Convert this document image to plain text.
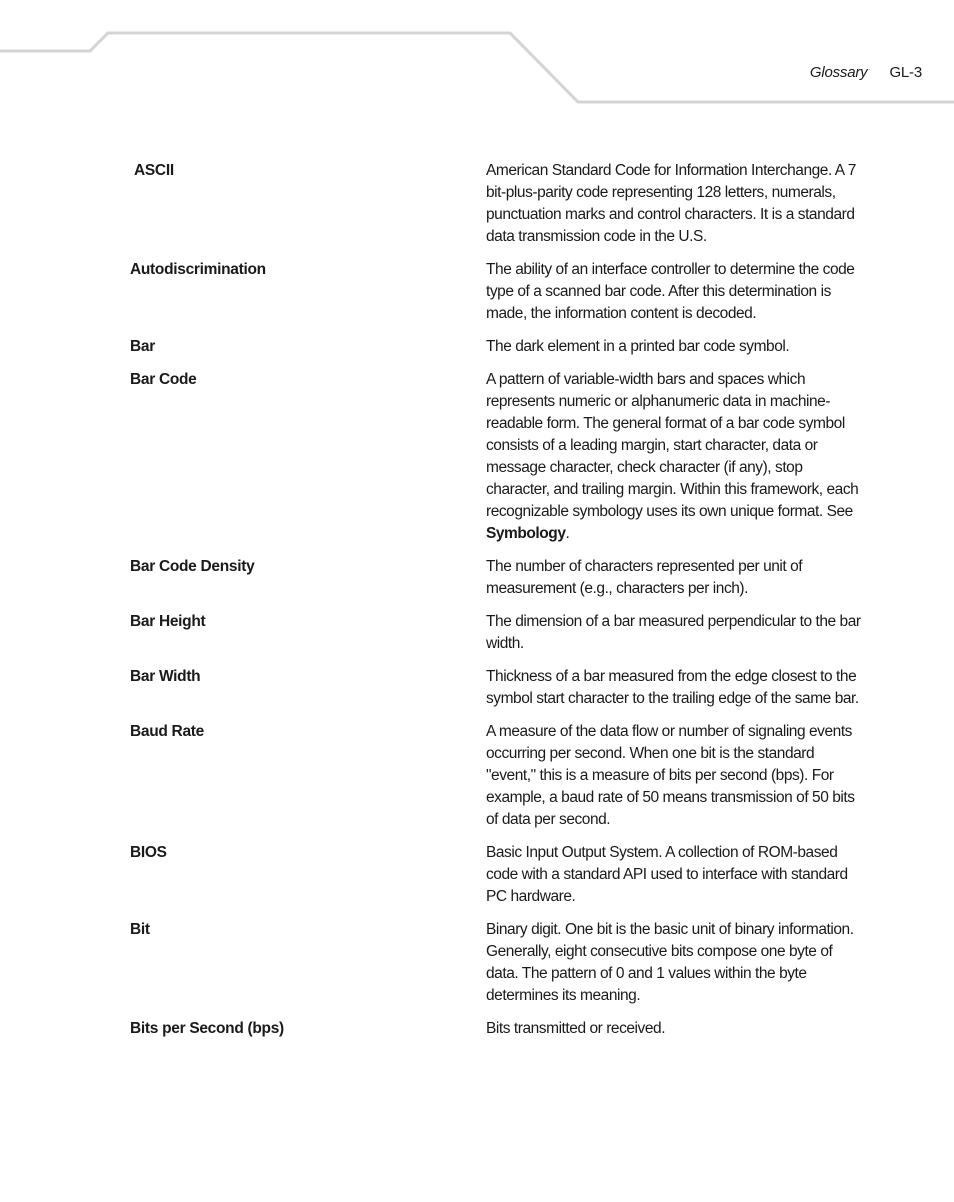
Glossary GL-3
ASCII	American Standard Code for Information Interchange. A 7 bit-plus-parity code representing 128 letters, numerals, punctuation marks and control characters. It is a standard data transmission code in the U.S.
Autodiscrimination	The ability of an interface controller to determine the code type of a scanned bar code. After this determination is made, the information content is decoded.
Bar	The dark element in a printed bar code symbol.
Bar Code	A pattern of variable-width bars and spaces which represents numeric or alphanumeric data in machine-readable form. The general format of a bar code symbol consists of a leading margin, start character, data or message character, check character (if any), stop character, and trailing margin. Within this framework, each recognizable symbology uses its own unique format. See Symbology.
Bar Code Density	The number of characters represented per unit of measurement (e.g., characters per inch).
Bar Height	The dimension of a bar measured perpendicular to the bar width.
Bar Width	Thickness of a bar measured from the edge closest to the symbol start character to the trailing edge of the same bar.
Baud Rate	A measure of the data flow or number of signaling events occurring per second. When one bit is the standard "event," this is a measure of bits per second (bps). For example, a baud rate of 50 means transmission of 50 bits of data per second.
BIOS	Basic Input Output System. A collection of ROM-based code with a standard API used to interface with standard PC hardware.
Bit	Binary digit. One bit is the basic unit of binary information. Generally, eight consecutive bits compose one byte of data. The pattern of 0 and 1 values within the byte determines its meaning.
Bits per Second (bps)	Bits transmitted or received.
